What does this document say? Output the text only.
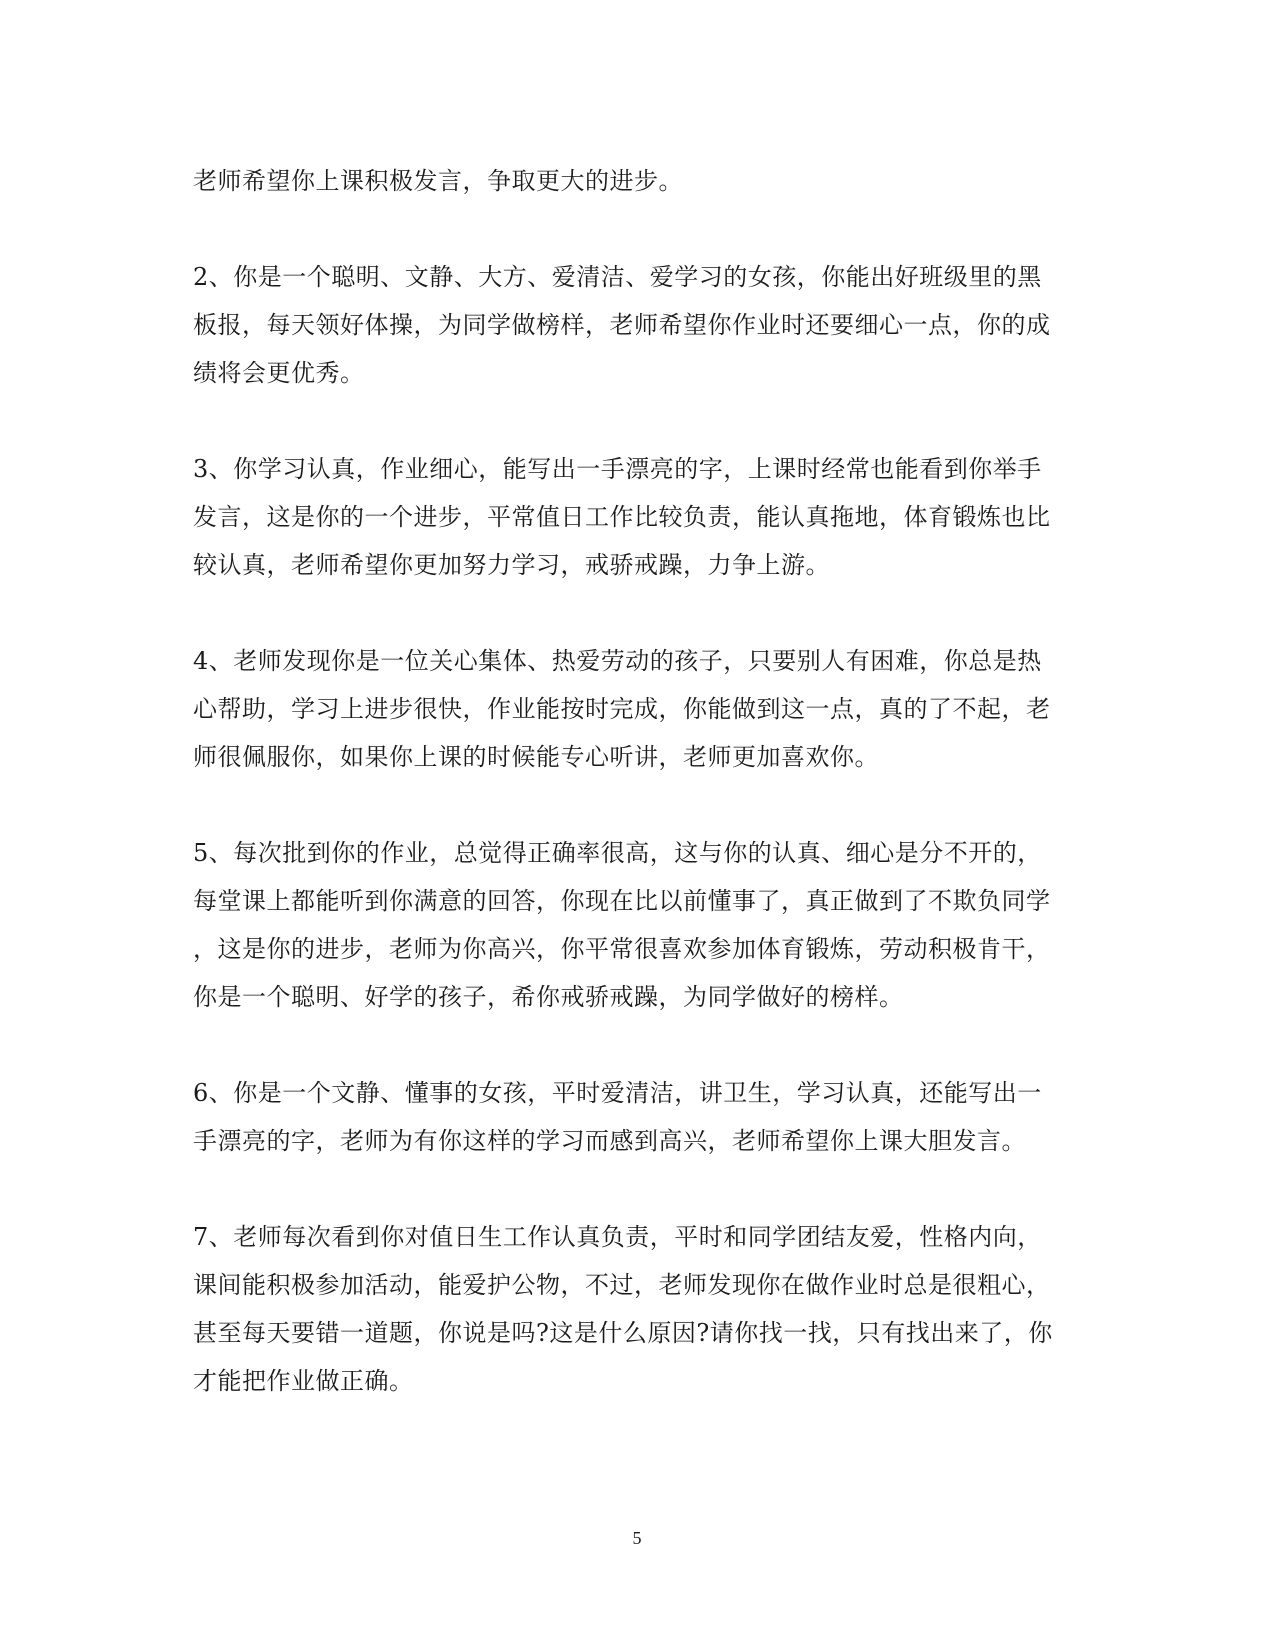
老师希望你上课积极发言，争取更大的进步。

2、你是一个聪明、文静、大方、爱清洁、爱学习的女孩，你能出好班级里的黑
板报，每天领好体操，为同学做榜样，老师希望你作业时还要细心一点，你的成
绩将会更优秀。

3、你学习认真，作业细心，能写出一手漂亮的字，上课时经常也能看到你举手
发言，这是你的一个进步，平常值日工作比较负责，能认真拖地，体育锻炼也比
较认真，老师希望你更加努力学习，戒骄戒躁，力争上游。

4、老师发现你是一位关心集体、热爱劳动的孩子，只要别人有困难，你总是热
心帮助，学习上进步很快，作业能按时完成，你能做到这一点，真的了不起，老
师很佩服你，如果你上课的时候能专心听讲，老师更加喜欢你。

5、每次批到你的作业，总觉得正确率很高，这与你的认真、细心是分不开的，
每堂课上都能听到你满意的回答，你现在比以前懂事了，真正做到了不欺负同学
，这是你的进步，老师为你高兴，你平常很喜欢参加体育锻炼，劳动积极肯干，
你是一个聪明、好学的孩子，希你戒骄戒躁，为同学做好的榜样。

6、你是一个文静、懂事的女孩，平时爱清洁，讲卫生，学习认真，还能写出一
手漂亮的字，老师为有你这样的学习而感到高兴，老师希望你上课大胆发言。

7、老师每次看到你对值日生工作认真负责，平时和同学团结友爱，性格内向，
课间能积极参加活动，能爱护公物，不过，老师发现你在做作业时总是很粗心，
甚至每天要错一道题，你说是吗?这是什么原因?请你找一找，只有找出来了，你
才能把作业做正确。

5
